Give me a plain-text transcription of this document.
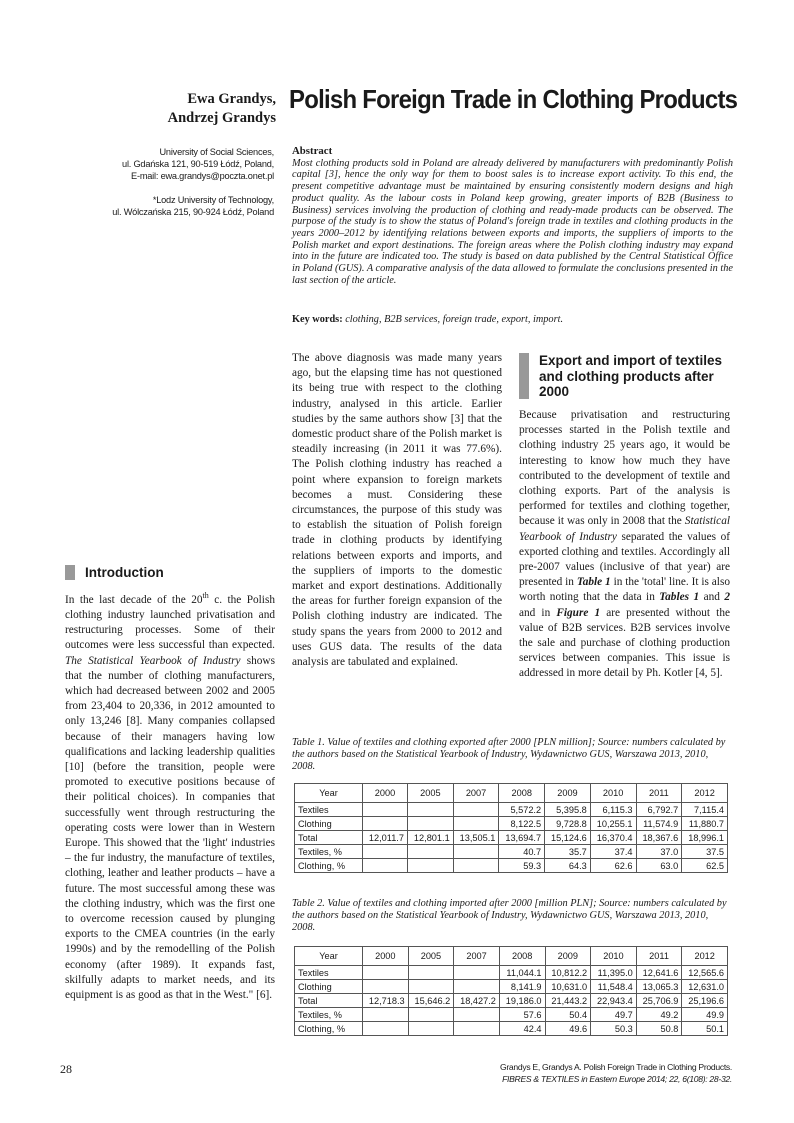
Ewa Grandys,
Andrzej Grandys
Polish Foreign Trade in Clothing Products
University of Social Sciences,
ul. Gdańska 121, 90-519 Łódź, Poland,
E-mail: ewa.grandys@poczta.onet.pl
*Lodz University of Technology,
ul. Wólczańska 215, 90-924 Łódź, Poland
Abstract
Most clothing products sold in Poland are already delivered by manufacturers with predominantly Polish capital [3], hence the only way for them to boost sales is to increase export activity. To this end, the present competitive advantage must be maintained by ensuring consistently modern designs and high product quality. As the labour costs in Poland keep growing, greater imports of B2B (Business to Business) services involving the production of clothing and ready-made products can be observed. The purpose of the study is to show the status of Poland's foreign trade in textiles and clothing products in the years 2000–2012 by identifying relations between exports and imports, the suppliers of imports to the Polish market and export destinations. The foreign areas where the Polish clothing industry may expand into in the future are indicated too. The study is based on data published by the Central Statistical Office in Poland (GUS). A comparative analysis of the data allowed to formulate the conclusions presented in the last section of the article.
Key words: clothing, B2B services, foreign trade, export, import.
The above diagnosis was made many years ago, but the elapsing time has not questioned its being true with respect to the clothing industry, analysed in this article. Earlier studies by the same authors show [3] that the domestic product share of the Polish market is steadily increasing (in 2011 it was 77.6%). The Polish clothing industry has reached a point where expansion to foreign markets becomes a must. Considering these circumstances, the purpose of this study was to establish the situation of Polish foreign trade in clothing products by identifying relations between exports and imports, and the suppliers of imports to the domestic market and export destinations. Additionally the areas for further foreign expansion of the Polish clothing industry are indicated. The study spans the years from 2000 to 2012 and uses GUS data. The results of the data analysis are tabulated and explained.
Introduction
In the last decade of the 20th c. the Polish clothing industry launched privatisation and restructuring processes. Some of their outcomes were less successful than expected. The Statistical Yearbook of Industry shows that the number of clothing manufacturers, which had decreased between 2002 and 2005 from 23,404 to 20,336, in 2012 amounted to only 13,246 [8]. Many companies collapsed because of their managers having low qualifications and lacking leadership qualities [10] (before the transition, people were promoted to executive positions because of their political choices). In companies that successfully went through restructuring the operating costs were lower than in Western Europe. This showed that the 'light' industries – the fur industry, the manufacture of textiles, clothing, leather and leather products – have a future. The most successful among these was the clothing industry, which was the first one to overcome recession caused by plunging exports to the CMEA countries (in the early 1990s) and by the remodelling of the Polish economy (after 1989). It expands fast, skilfully adapts to market needs, and its equipment is as good as that in the West." [6].
Export and import of textiles and clothing products after 2000
Because privatisation and restructuring processes started in the Polish textile and clothing industry 25 years ago, it would be interesting to know how much they have contributed to the development of textile and clothing exports. Part of the analysis is performed for textiles and clothing together, because it was only in 2008 that the Statistical Yearbook of Industry separated the values of exported clothing and textiles. Accordingly all pre-2007 values (inclusive of that year) are presented in Table 1 in the 'total' line. It is also worth noting that the data in Tables 1 and 2 and in Figure 1 are presented without the value of B2B services. B2B services involve the sale and purchase of clothing production services between companies. This issue is addressed in more detail by Ph. Kotler [4, 5].
Table 1. Value of textiles and clothing exported after 2000 [PLN million]; Source: numbers calculated by the authors based on the Statistical Yearbook of Industry, Wydawnictwo GUS, Warszawa 2013, 2010, 2008.
Year	2000	2005	2007	2008	2009	2010	2011	2012
Textiles				5,572.2	5,395.8	6,115.3	6,792.7	7,115.4
Clothing				8,122.5	9,728.8	10,255.1	11,574.9	11,880.7
Total	12,011.7	12,801.1	13,505.1	13,694.7	15,124.6	16,370.4	18,367.6	18,996.1
Textiles, %				40.7	35.7	37.4	37.0	37.5
Clothing, %				59.3	64.3	62.6	63.0	62.5
Table 2. Value of textiles and clothing imported after 2000 [million PLN]; Source: numbers calculated by the authors based on the Statistical Yearbook of Industry, Wydawnictwo GUS, Warszawa 2013, 2010, 2008.
Year	2000	2005	2007	2008	2009	2010	2011	2012
Textiles				11,044.1	10,812.2	11,395.0	12,641.6	12,565.6
Clothing				8,141.9	10,631.0	11,548.4	13,065.3	12,631.0
Total	12,718.3	15,646.2	18,427.2	19,186.0	21,443.2	22,943.4	25,706.9	25,196.6
Textiles, %				57.6	50.4	49.7	49.2	49.9
Clothing, %				42.4	49.6	50.3	50.8	50.1
28	Grandys E, Grandys A. Polish Foreign Trade in Clothing Products.
FIBRES & TEXTILES in Eastern Europe 2014; 22, 6(108): 28-32.
